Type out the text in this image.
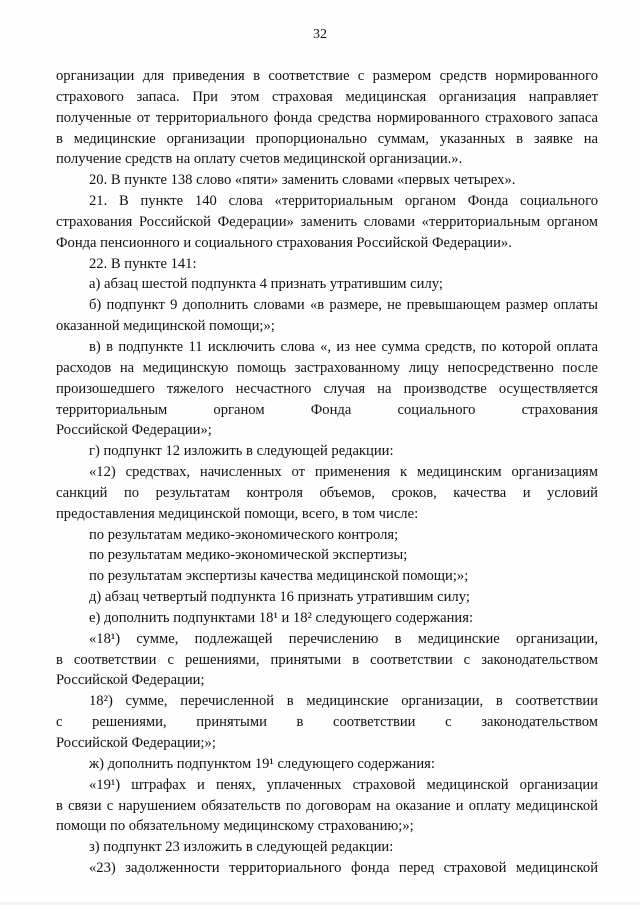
32
организации для приведения в соответствие с размером средств нормированного
страхового запаса. При этом страховая медицинская организация направляет
полученные от территориального фонда средства нормированного страхового запаса
в медицинские организации пропорционально суммам, указанных в заявке на
получение средств на оплату счетов медицинской организации.».
20. В пункте 138 слово «пяти» заменить словами «первых четырех».
21. В пункте 140 слова «территориальным органом Фонда социального
страхования Российской Федерации» заменить словами «территориальным органом
Фонда пенсионного и социального страхования Российской Федерации».
22. В пункте 141:
а) абзац шестой подпункта 4 признать утратившим силу;
б) подпункт 9 дополнить словами «в размере, не превышающем размер оплаты
оказанной медицинской помощи;»;
в) в подпункте 11 исключить слова «, из нее сумма средств, по которой оплата
расходов на медицинскую помощь застрахованному лицу непосредственно после
произошедшего тяжелого несчастного случая на производстве осуществляется
территориальным органом Фонда социального страхования
Российской Федерации»;
г) подпункт 12 изложить в следующей редакции:
«12) средствах, начисленных от применения к медицинским организациям
санкций по результатам контроля объемов, сроков, качества и условий
предоставления медицинской помощи, всего, в том числе:
по результатам медико-экономического контроля;
по результатам медико-экономической экспертизы;
по результатам экспертизы качества медицинской помощи;»;
д) абзац четвертый подпункта 16 признать утратившим силу;
е) дополнить подпунктами 18¹ и 18² следующего содержания:
«18¹) сумме, подлежащей перечислению в медицинские организации,
в соответствии с решениями, принятыми в соответствии с законодательством
Российской Федерации;
18²) сумме, перечисленной в медицинские организации, в соответствии
с решениями, принятыми в соответствии с законодательством
Российской Федерации;»;
ж) дополнить подпунктом 19¹ следующего содержания:
«19¹) штрафах и пенях, уплаченных страховой медицинской организации
в связи с нарушением обязательств по договорам на оказание и оплату медицинской
помощи по обязательному медицинскому страхованию;»;
з) подпункт 23 изложить в следующей редакции:
«23) задолженности территориального фонда перед страховой медицинской
